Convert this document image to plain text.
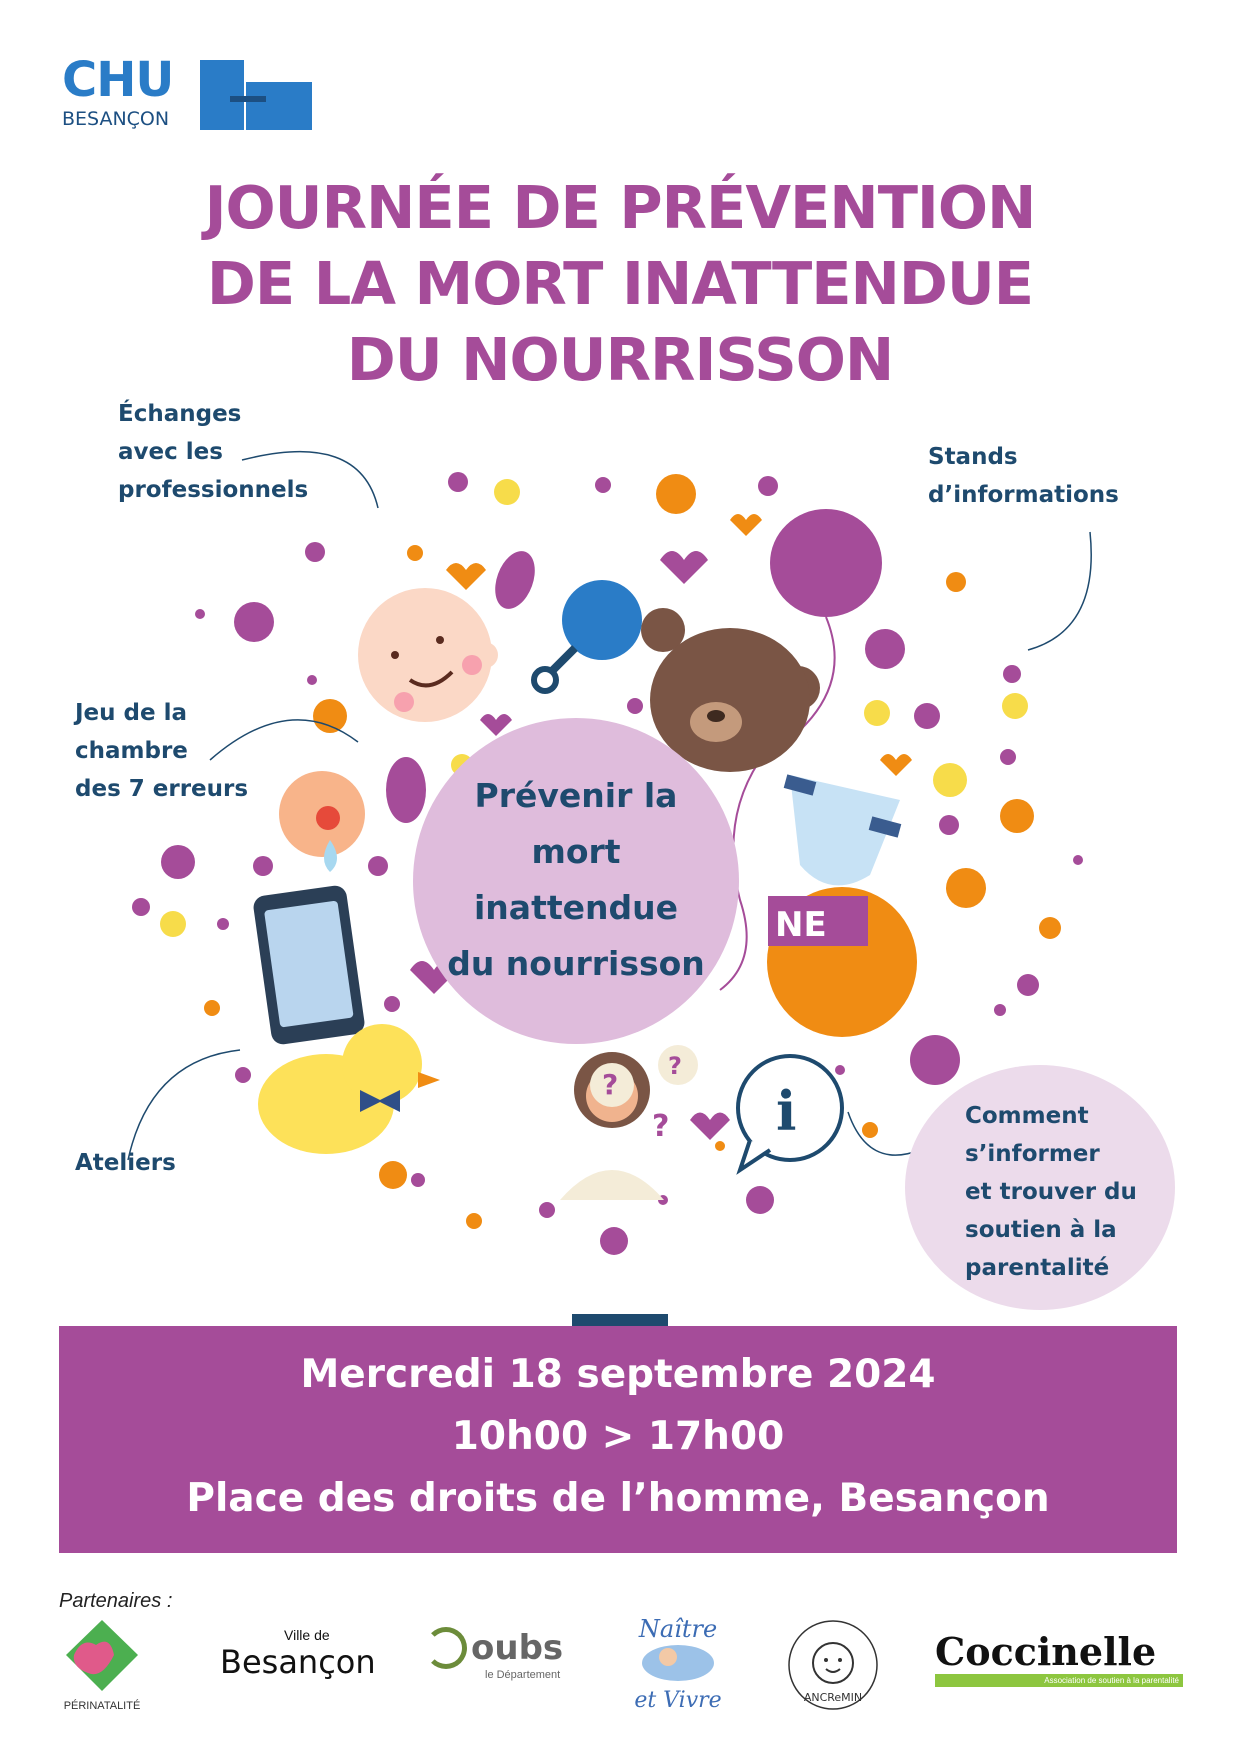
CHU
BESANÇON
JOURNÉE DE PRÉVENTION
DE LA MORT INATTENDUE
DU NOURRISSON
NE
?
?
? i
Échanges
avec les
professionnels
Stands
d’informations
Jeu de la
chambre
des 7 erreurs
Ateliers
Prévenir la
mort
inattendue
du nourrisson
Comment
s’informer
et trouver du
soutien à la
parentalité
Mercredi 18 septembre 2024
10h00 > 17h00
Place des droits de l’homme, Besançon
Partenaires :
PÉRINATALITÉ
Ville de
Besançon	oubs
le Département
Naître
et Vivre	ANCReMIN
Coccinelle
Association de soutien à la parentalité
